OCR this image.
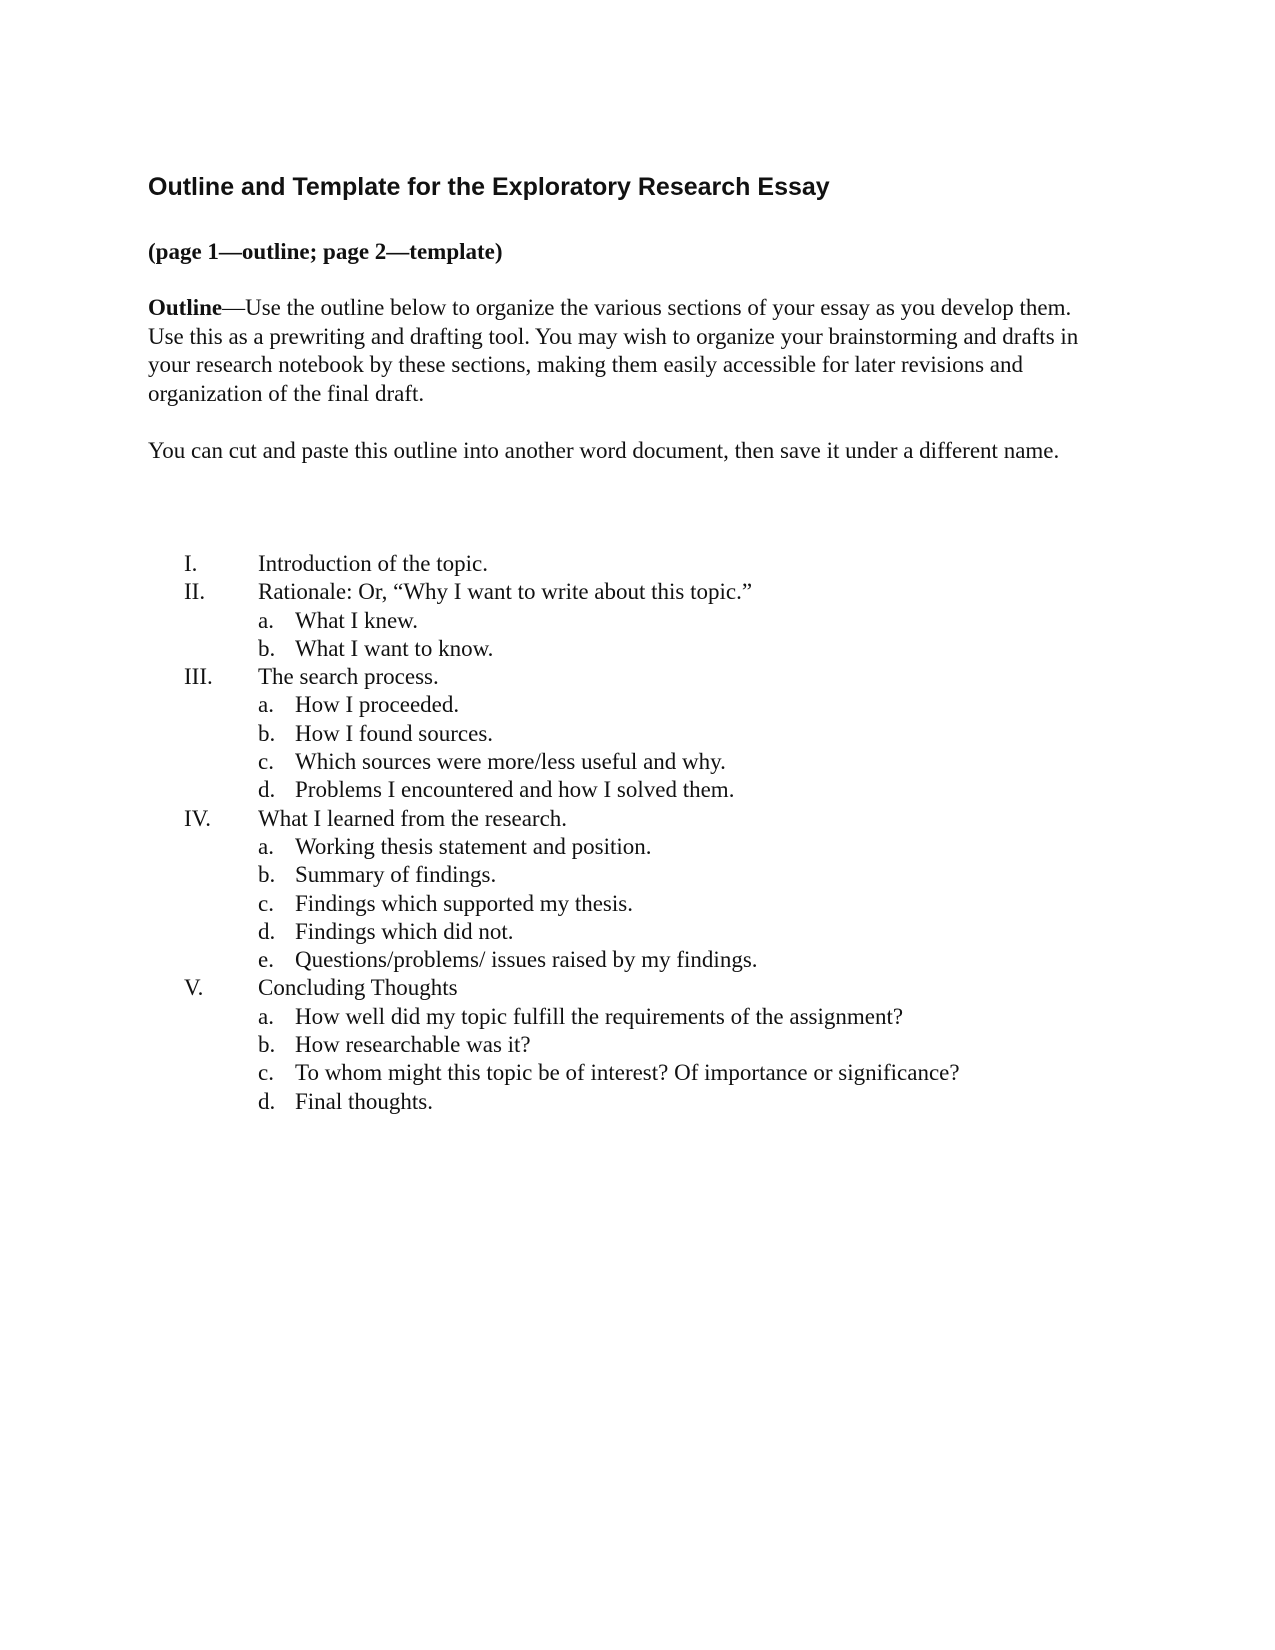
Outline and Template for the Exploratory Research Essay

(page 1—outline; page 2—template)

Outline—Use the outline below to organize the various sections of your essay as you develop them. Use this as a prewriting and drafting tool. You may wish to organize your brainstorming and drafts in your research notebook by these sections, making them easily accessible for later revisions and organization of the final draft.

You can cut and paste this outline into another word document, then save it under a different name.

I.	Introduction of the topic.
II. Rationale: Or, “Why I want to write about this topic.”
a. What I knew.
b. What I want to know.
III. The search process.
a. How I proceeded.
b. How I found sources.
c. Which sources were more/less useful and why.
d. Problems I encountered and how I solved them.
IV. What I learned from the research.
a. Working thesis statement and position.
b. Summary of findings.
c. Findings which supported my thesis.
d. Findings which did not.
e. Questions/problems/ issues raised by my findings.
V. Concluding Thoughts
a. How well did my topic fulfill the requirements of the assignment?
b. How researchable was it?
c. To whom might this topic be of interest? Of importance or significance?
d. Final thoughts.
